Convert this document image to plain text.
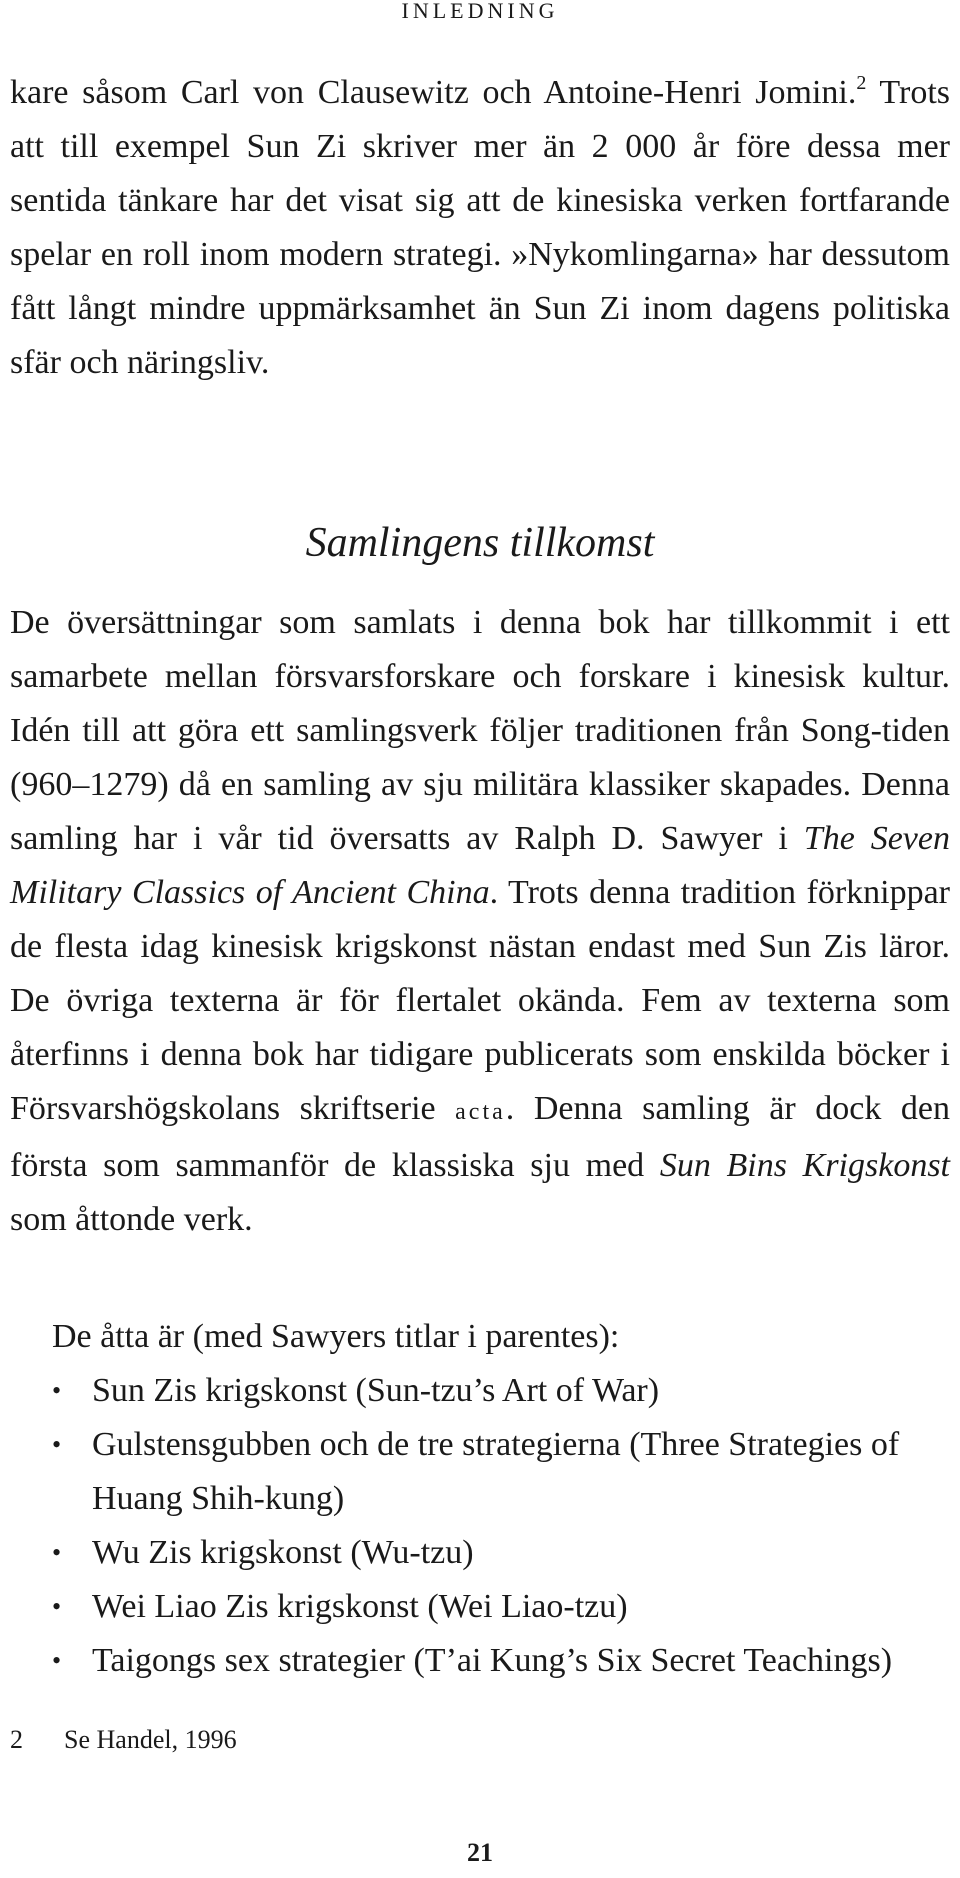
INLEDNING

kare såsom Carl von Clausewitz och Antoine-Henri Jomini.$^2$ Trots att till exempel Sun Zi skriver mer än 2 000 år före dessa mer sentida tänkare har det visat sig att de kinesiska verken fortfarande spelar en roll inom modern strategi. »Nykomlingarna» har dessutom fått långt mindre uppmärksamhet än Sun Zi inom dagens politiska sfär och näringsliv.

Samlingens tillkomst

De översättningar som samlats i denna bok har tillkommit i ett samarbete mellan försvarsforskare och forskare i kinesisk kultur. Idén till att göra ett samlingsverk följer traditionen från Song-tiden (960–1279) då en samling av sju militära klassiker skapades. Denna samling har i vår tid översatts av Ralph D. Sawyer i The Seven Military Classics of Ancient China. Trots denna tradition förknippar de flesta idag kinesisk krigskonst nästan endast med Sun Zis läror. De övriga texterna är för flertalet okända. Fem av texterna som återfinns i denna bok har tidigare publicerats som enskilda böcker i Försvarshögskolans skriftserie acta. Denna samling är dock den första som sammanför de klassiska sju med Sun Bins Krigskonst som åttonde verk.

De åtta är (med Sawyers titlar i parentes):

• Sun Zis krigskonst (Sun-tzu’s Art of War)
• Gulstensgubben och de tre strategierna (Three Strategies of Huang Shih-kung)
• Wu Zis krigskonst (Wu-tzu)
• Wei Liao Zis krigskonst (Wei Liao-tzu)
• Taigongs sex strategier (T’ai Kung’s Six Secret Teachings)
2 Se Handel, 1996
21
